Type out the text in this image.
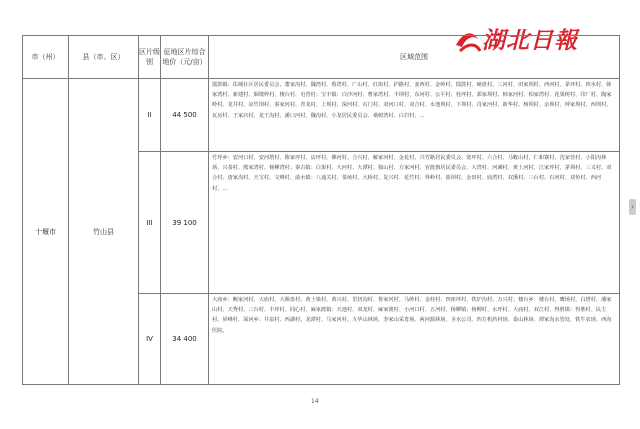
湖北日報
市（州）	县（市、区）	区片级别	征地区片综合地价（元/亩）	区域范围
十堰市	竹山县	II	44 500	擂鼓镇：佑城社区居民委员会、董家沟村、魏湾村、蔡湾村、广山村、红街村、护路村、姜西村、金岭村、擂鼓村、硬盘村、三河村、田家坝村、西河村、茅坪村、四水村、韩家湾村、新建村、烟墩梓村、楼台村、屯营村；宝丰镇：白沙河村、曹家湾村、丰坝村、东河村、公平村、桂坪村、郭家坝村、韩家河村、柏家湾村、花果树村、印厂村、陶家岭村、龙井村、凉竹坝村、秦家河村、青龙村、上坝村、深河村、石门村、双河口村、双合村、水池坝村、下坝村、肖家河村、新华村、杨坝村、余坝村、钟家坝村、西坝村、瓦房村、王家店村、龙王沟村、潘口河村、魏沟村、小龙居民委员会、桑树湾村、白岩村、…

		III	39 100	竹坪乡：安河口村、安河塔村、陈家坪村、店坪村、佛河村、合兴村、解家河村、金花村、兴竹路居民委员会、宽坪村、六合村、马鞍山村、仁和寨村、沈家营村、小阳沟林场、兴茶村、熊家湾村、杨柳湾村；秦古镇：白果村、大河村、大潭村、独山村、方家河村、官渡旗居民委员会、大湾村、河滩村、黄土河村、江家坪村、茅坝村、三义村、双合村、唐家沟村、天宝村、文峰村、溢水镇：八通关村、茶场村、大桥村、复兴村、花竹村、界岭村、盐坝村、金田村、庙湾村、双溪村、三台村、石河村、双鱼村、西河村、…

		IV	34 400	大庙乡：鲍家河村、大庙村、大堰盘村、黄土梁村、黄兴村、里扭沟村、鲁家河村、马岭村、金桂村、四座坪村、铁炉沟村、万兴村；楼台乡：楼台村、鹰场村、白塔村、潘家山村、天秀村、三台村、丰坪村、同心村、麻家渡镇：天池村、双龙村、麻家渡村、小河口村、五河村、杨柳镇：杨柳村、水坪村、大庙村、双江村、得胜镇：得胜村、民主村、屏峰村、深河乡：井泉村、西湖村、龙潭村、马家河村、九华山林场、李家山采育场、两河源林场、圣水公司、四方机药材场、泰山林场、潭家沟水管处、铁牛农场、西沟医院。
14
›
